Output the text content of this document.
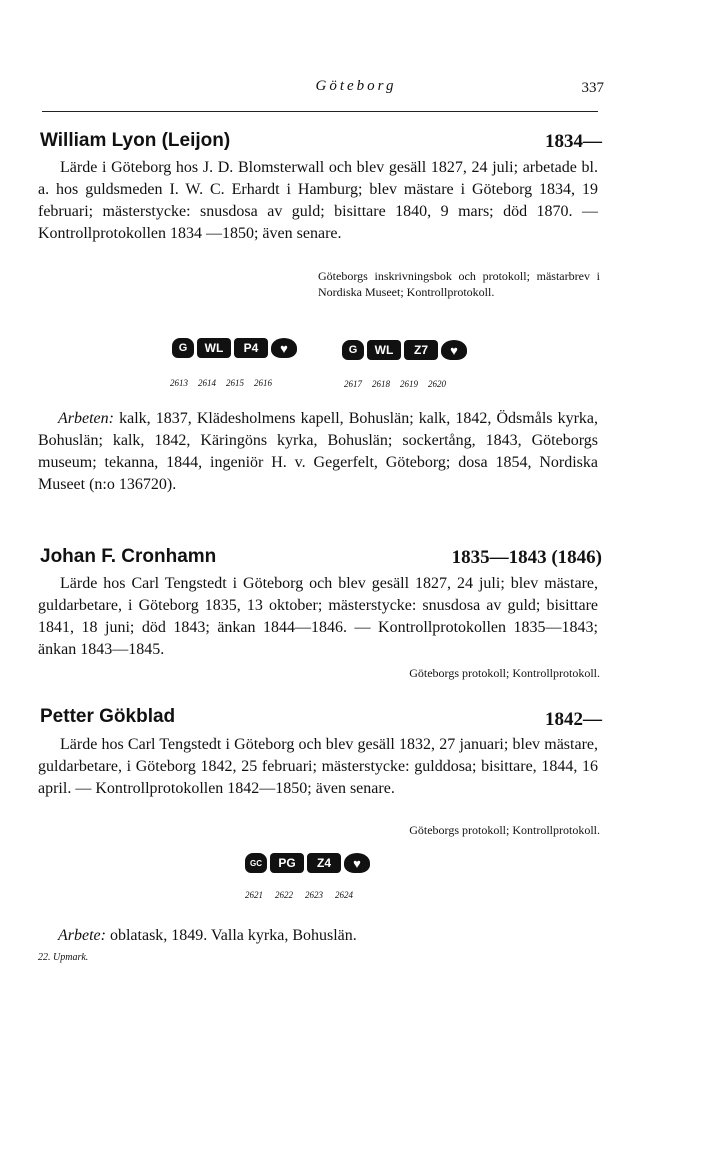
Göteborg	337
William Lyon (Leijon)	1834—

Lärde i Göteborg hos J. D. Blomsterwall och blev gesäll 1827, 24 juli; arbetade bl. a. hos guldsmeden I. W. C. Erhardt i Hamburg; blev mästare i Göteborg 1834, 19 februari; mästerstycke: snusdosa av guld; bisittare 1840, 9 mars; död 1870. — Kontrollprotokollen 1834 —1850; även senare.

Göteborgs inskrivningsbok och protokoll; mästarbrev i Nordiska Museet; Kontrollprotokoll.
G	WL	P4	♥
2613 2614 2615 2616
G	WL	Z7	♥
2617 2618 2619 2620
Arbeten: kalk, 1837, Klädesholmens kapell, Bohuslän; kalk, 1842, Ödsmåls kyrka, Bohuslän; kalk, 1842, Käringöns kyrka, Bohuslän; sockertång, 1843, Göteborgs museum; tekanna, 1844, ingeniör H. v. Gegerfelt, Göteborg; dosa 1854, Nordiska Museet (n:o 136720).
Johan F. Cronhamn	1835—1843 (1846)

Lärde hos Carl Tengstedt i Göteborg och blev gesäll 1827, 24 juli; blev mästare, guldarbetare, i Göteborg 1835, 13 oktober; mästerstycke: snusdosa av guld; bisittare 1841, 18 juni; död 1843; änkan 1844—1846. — Kontrollprotokollen 1835—1843; änkan 1843—1845.

Göteborgs protokoll; Kontrollprotokoll.
Petter Gökblad	1842—

Lärde hos Carl Tengstedt i Göteborg och blev gesäll 1832, 27 januari; blev mästare, guldarbetare, i Göteborg 1842, 25 februari; mästerstycke: gulddosa; bisittare, 1844, 16 april. — Kontrollprotokollen 1842—1850; även senare.

Göteborgs protokoll; Kontrollprotokoll.
GC	PG	Z4	♥
2621 2622 2623 2624
Arbete: oblatask, 1849. Valla kyrka, Bohuslän.
22. Upmark.
